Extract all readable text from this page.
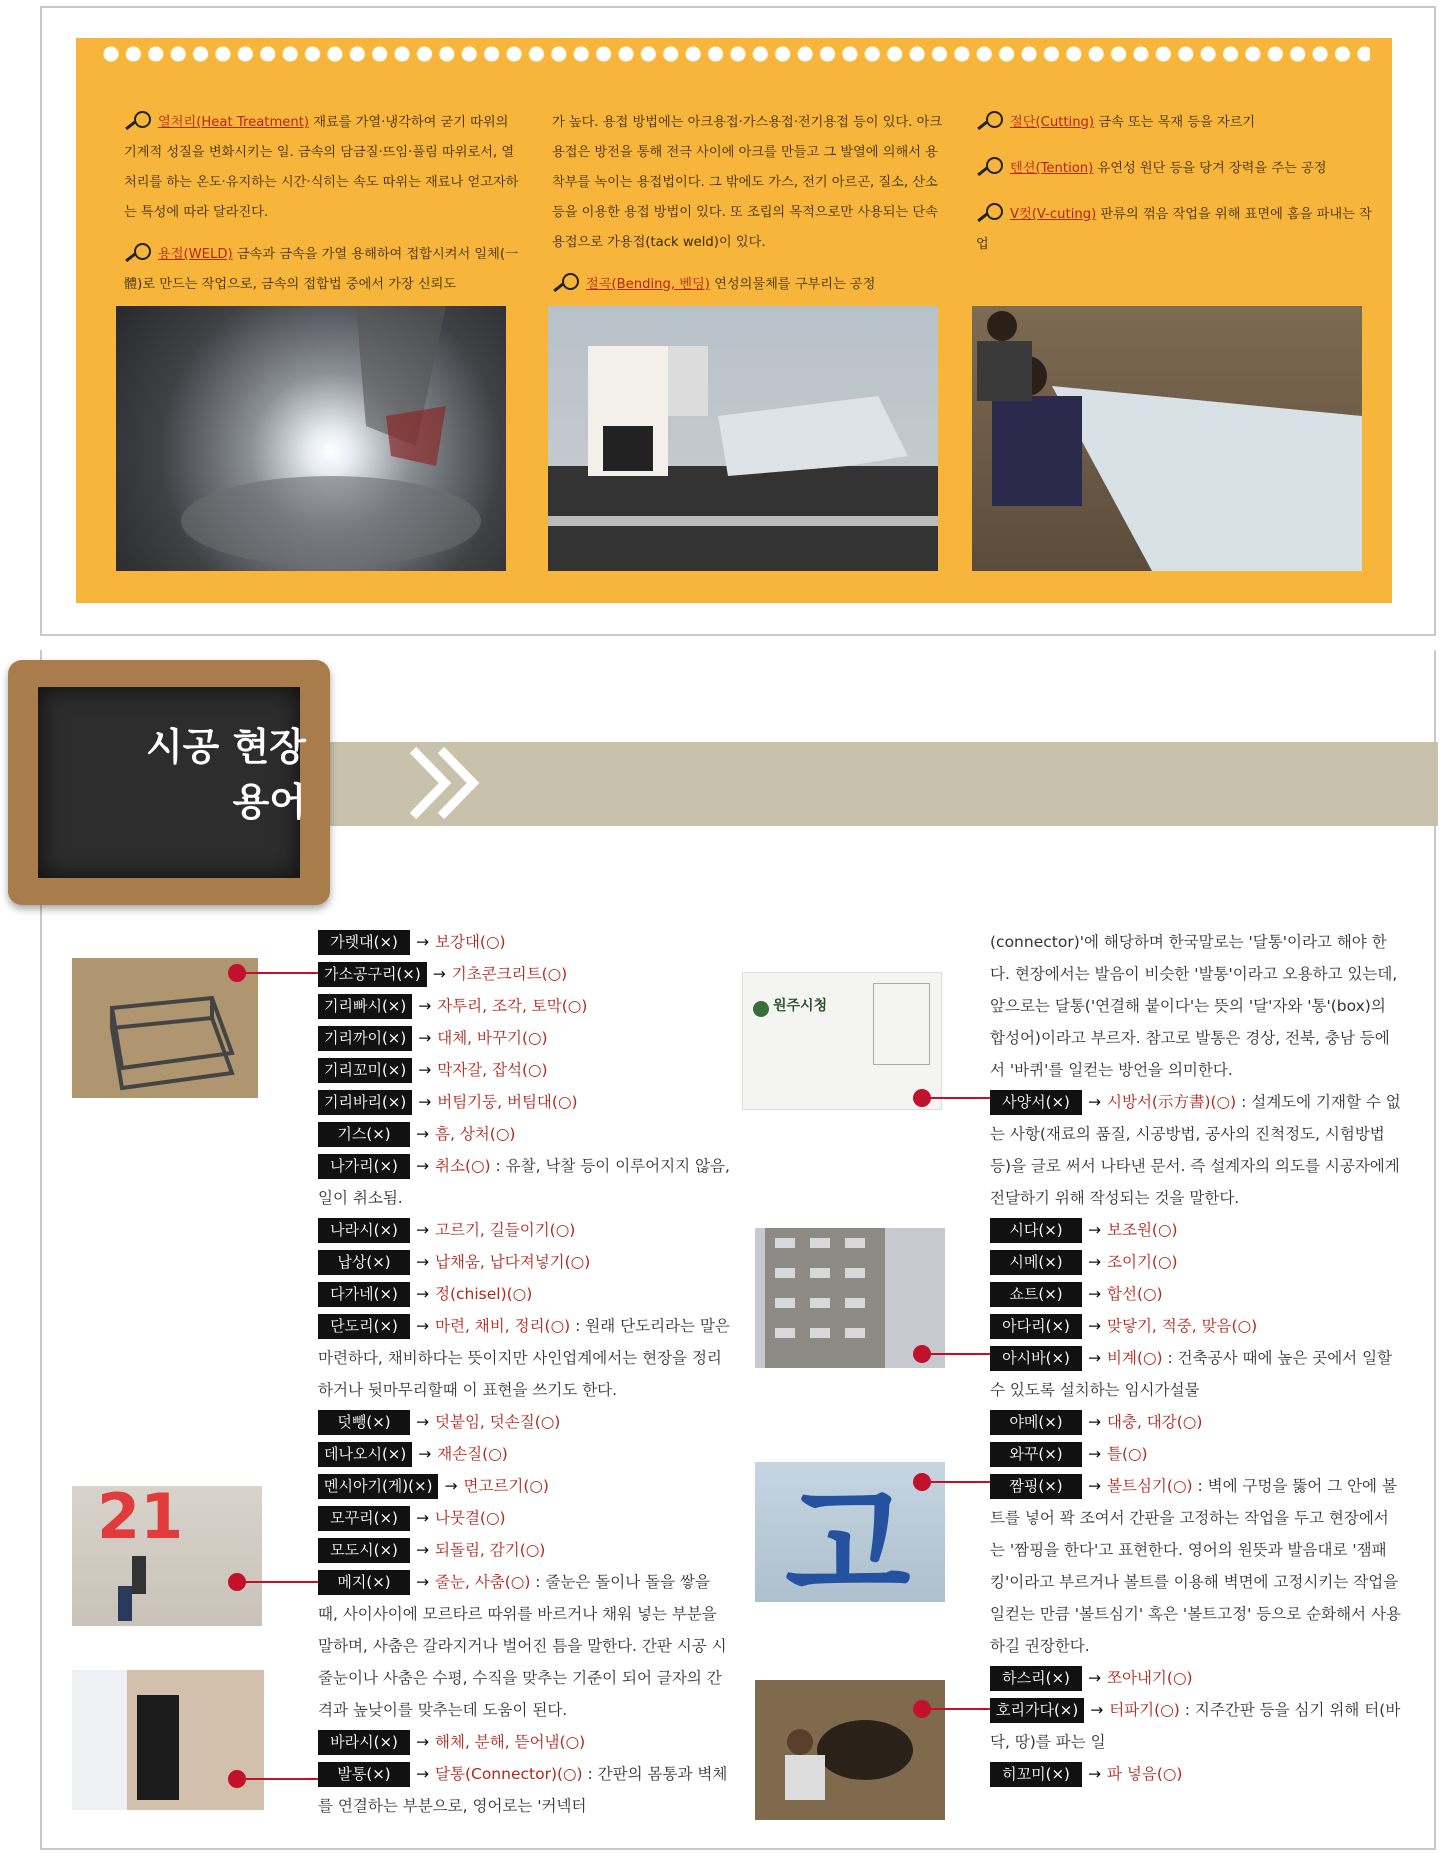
열처리(Heat Treatment) 재료를 가열·냉각하여 굳기 따위의 기계적 성질을 변화시키는 일. 금속의 담금질·뜨임·풀림 따위로서, 열처리를 하는 온도·유지하는 시간·식히는 속도 따위는 재료나 얻고자하는 특성에 따라 달라진다.
용접(WELD) 금속과 금속을 가열 용해하여 접합시켜서 일체(一體)로 만드는 작업으로, 금속의 접합법 중에서 가장 신뢰도
가 높다. 용접 방법에는 아크용접·가스용접·전기용접 등이 있다. 아크용접은 방전을 통해 전극 사이에 아크를 만들고 그 발열에 의해서 용착부를 녹이는 용접법이다. 그 밖에도 가스, 전기 아르곤, 질소, 산소 등을 이용한 용접 방법이 있다. 또 조립의 목적으로만 사용되는 단속용접으로 가용접(tack weld)이 있다.
절곡(Bending, 벤딩) 연성의물체를 구부리는 공정
절단(Cutting) 금속 또는 목재 등을 자르기
텐션(Tention) 유연성 원단 등을 당겨 장력을 주는 공정
V컷(V-cuting) 판류의 꺾음 작업을 위해 표면에 홈을 파내는 작업
시공 현장
용어
21
원주시청
고
가렛대(×) → 보강대(○)
가소공구리(×) → 기초콘크리트(○)
기리빠시(×) → 자투리, 조각, 토막(○)
기리까이(×) → 대체, 바꾸기(○)
기리꼬미(×) → 막자갈, 잡석(○)
기리바리(×) → 버팀기둥, 버팀대(○)
기스(×) → 흠, 상처(○)
나가리(×) → 취소(○) : 유찰, 낙찰 등이 이루어지지 않음, 일이 취소됨.
나라시(×) → 고르기, 길들이기(○)
납상(×) → 납채움, 납다져넣기(○)
다가네(×) → 정(chisel)(○)
단도리(×) → 마련, 채비, 정리(○) : 원래 단도리라는 말은 마련하다, 채비하다는 뜻이지만 사인업계에서는 현장을 정리하거나 뒷마무리할때 이 표현을 쓰기도 한다.
덧뺑(×) → 덧붙임, 덧손질(○)
데나오시(×) → 재손질(○)
멘시아기(게)(×) → 면고르기(○)
모꾸리(×) → 나뭇결(○)
모도시(×) → 되돌림, 감기(○)
메지(×) → 줄눈, 사춤(○) : 줄눈은 돌이나 돌을 쌓을 때, 사이사이에 모르타르 따위를 바르거나 채워 넣는 부분을 말하며, 사춤은 갈라지거나 벌어진 틈을 말한다. 간판 시공 시 줄눈이나 사춤은 수평, 수직을 맞추는 기준이 되어 글자의 간격과 높낮이를 맞추는데 도움이 된다.
바라시(×) → 해체, 분해, 뜯어냄(○)
발통(×) → 달통(Connector)(○) : 간판의 몸통과 벽체를 연결하는 부분으로, 영어로는 '커넥터
(connector)'에 해당하며 한국말로는 '달통'이라고 해야 한다. 현장에서는 발음이 비슷한 '발통'이라고 오용하고 있는데, 앞으로는 달통('연결해 붙이다'는 뜻의 '달'자와 '통'(box)의 합성어)이라고 부르자. 참고로 발통은 경상, 전북, 충남 등에서 '바퀴'를 일컫는 방언을 의미한다.
사양서(×) → 시방서(示方書)(○) : 설계도에 기재할 수 없는 사항(재료의 품질, 시공방법, 공사의 진척정도, 시험방법 등)을 글로 써서 나타낸 문서. 즉 설계자의 의도를 시공자에게 전달하기 위해 작성되는 것을 말한다.
시다(×) → 보조원(○)
시메(×) → 조이기(○)
쇼트(×) → 합선(○)
아다리(×) → 맞닿기, 적중, 맞음(○)
아시바(×) → 비계(○) : 건축공사 때에 높은 곳에서 일할 수 있도록 설치하는 임시가설물
야메(×) → 대충, 대강(○)
와꾸(×) → 틀(○)
짬핑(×) → 볼트심기(○) : 벽에 구멍을 뚫어 그 안에 볼트를 넣어 꽉 조여서 간판을 고정하는 작업을 두고 현장에서는 '짬핑을 한다'고 표현한다. 영어의 원뜻과 발음대로 '잼패킹'이라고 부르거나 볼트를 이용해 벽면에 고정시키는 작업을 일컫는 만큼 '볼트심기' 혹은 '볼트고정' 등으로 순화해서 사용하길 권장한다.
하스리(×) → 쪼아내기(○)
호리가다(×) → 터파기(○) : 지주간판 등을 심기 위해 터(바닥, 땅)를 파는 일
히꼬미(×) → 파 넣음(○)
